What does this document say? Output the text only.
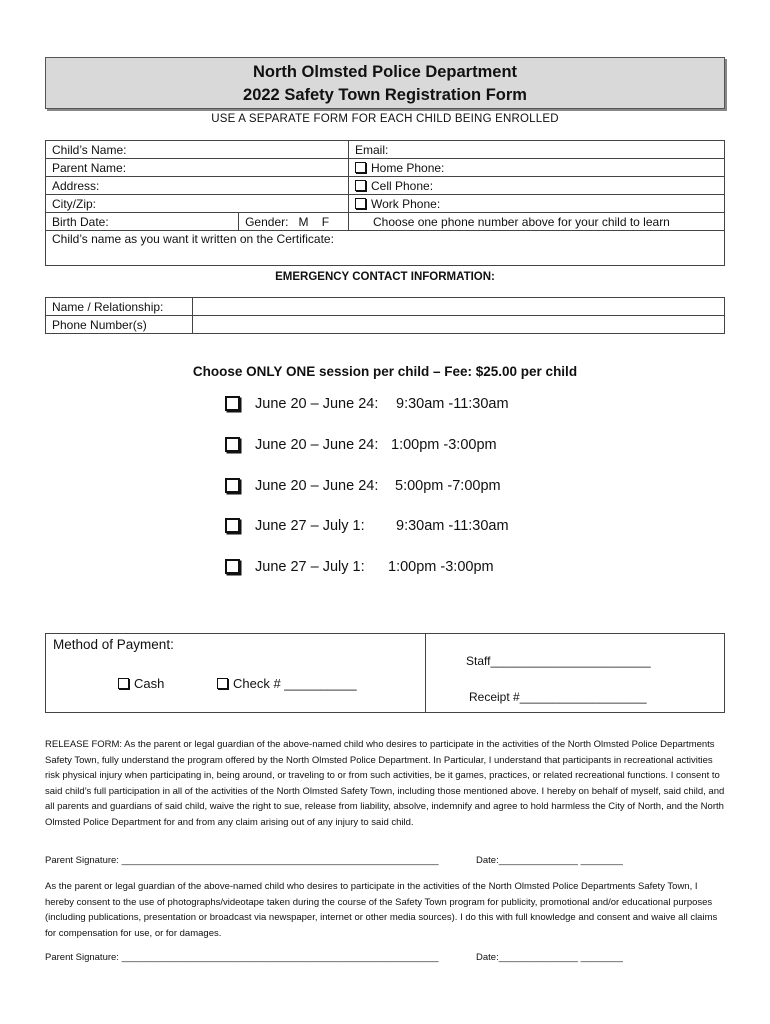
North Olmsted Police Department
2022 Safety Town Registration Form
USE A SEPARATE FORM FOR EACH CHILD BEING ENROLLED
Child’s Name:		Email:
Parent Name:		Home Phone:
Address:		Cell Phone:
City/Zip:		Work Phone:
Birth Date:	Gender:   M    F	Choose one phone number above for your child to learn
Child’s name as you want it written on the Certificate:		
EMERGENCY CONTACT INFORMATION:
Name / Relationship:	
Phone Number(s)	
Choose ONLY ONE session per child – Fee: $25.00 per child
June 20 – June 24: 9:30am -11:30am
June 20 – June 24: 1:00pm -3:00pm
June 20 – June 24: 5:00pm -7:00pm
June 27 – July 1: 9:30am -11:30am
June 27 – July 1: 1:00pm -3:00pm
Method of Payment:
Cash	Check # __________
Staff________________________
Receipt #___________________
RELEASE FORM: As the parent or legal guardian of the above-named child who desires to participate in the activities of the North Olmsted Police Departments Safety Town, fully understand the program offered by the North Olmsted Police Department. In Particular, I understand that participants in recreational activities risk physical injury when participating in, being around, or traveling to or from such activities, be it games, practices, or related recreational functions. I consent to said child’s full participation in all of the activities of the North Olmsted Safety Town, including those mentioned above. I hereby on behalf of myself, said child, and all parents and guardians of said child, waive the right to sue, release from liability, absolve, indemnify and agree to hold harmless the City of North, and the North Olmsted Police Department for and from any claim arising out of any injury to said child.
Parent Signature: ____________________________________________________________	Date:_______________ ________
As the parent or legal guardian of the above-named child who desires to participate in the activities of the North Olmsted Police Departments Safety Town, I hereby consent to the use of photographs/videotape taken during the course of the Safety Town program for publicity, promotional and/or educational purposes (including publications, presentation or broadcast via newspaper, internet or other media sources). I do this with full knowledge and consent and waive all claims for compensation for use, or for damages.
Parent Signature: ____________________________________________________________	Date:_______________ ________
